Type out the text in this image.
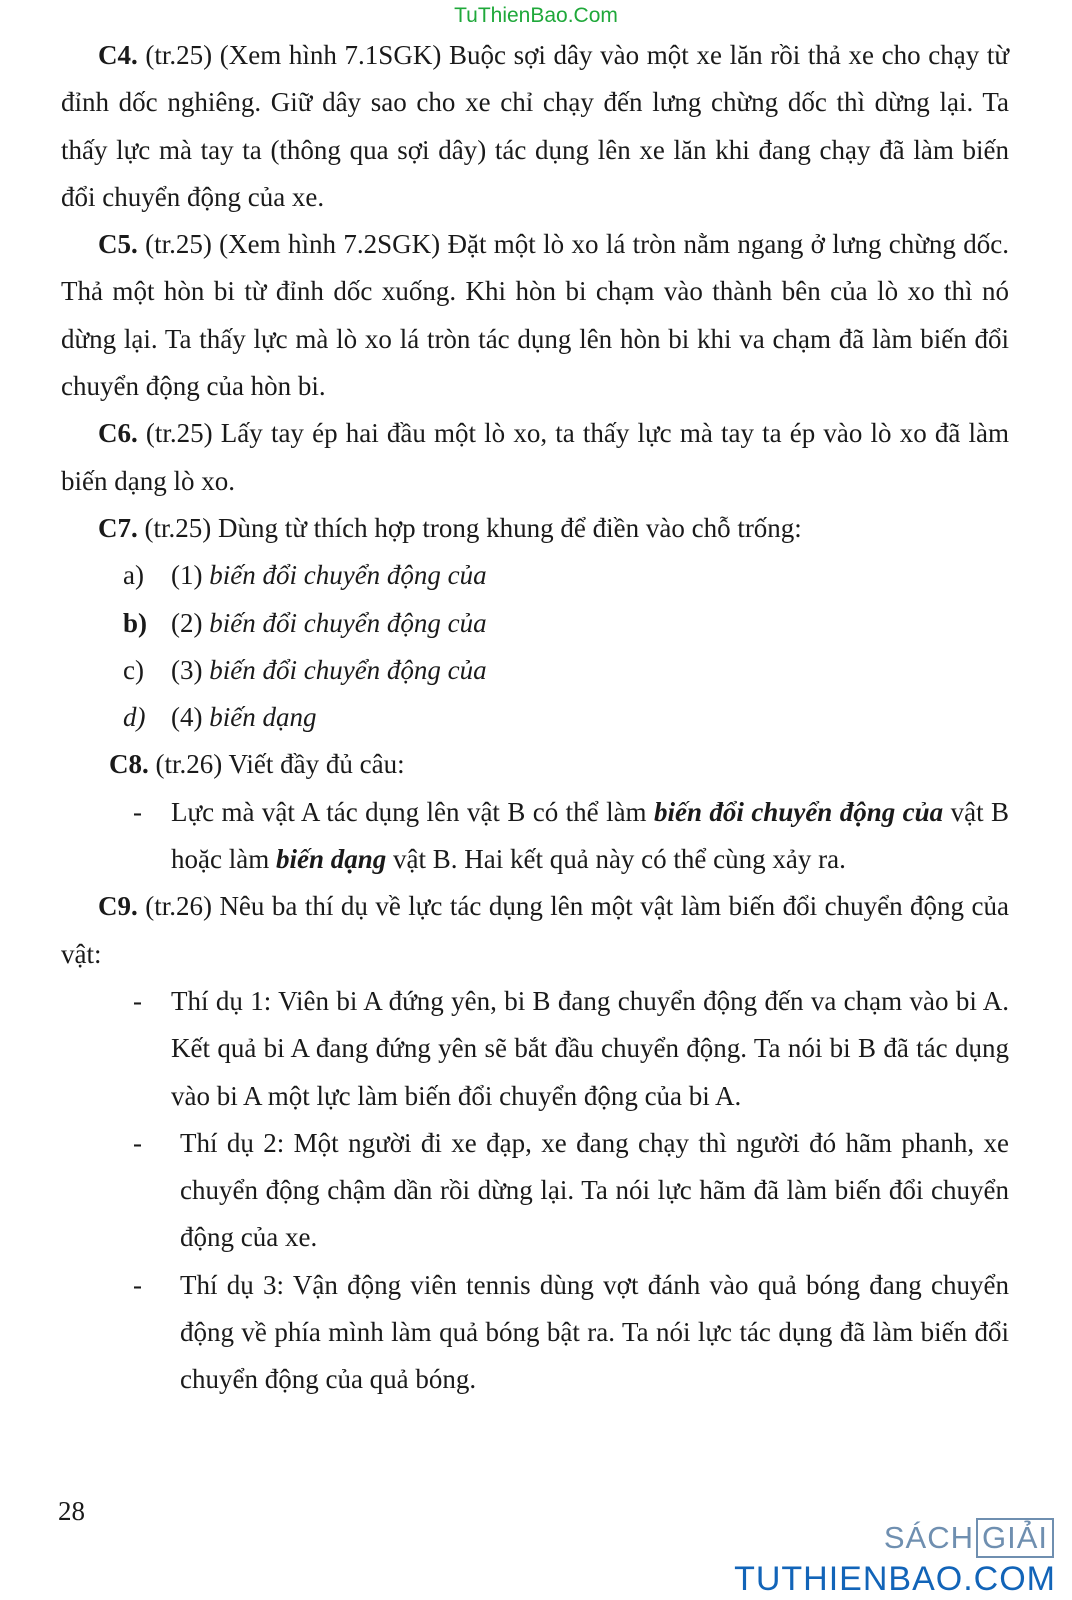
TuThienBao.Com

C4. (tr.25) (Xem hình 7.1SGK) Buộc sợi dây vào một xe lăn rồi thả xe cho chạy từ đỉnh dốc nghiêng. Giữ dây sao cho xe chỉ chạy đến lưng chừng dốc thì dừng lại. Ta thấy lực mà tay ta (thông qua sợi dây) tác dụng lên xe lăn khi đang chạy đã làm biến đổi chuyển động của xe.

C5. (tr.25) (Xem hình 7.2SGK) Đặt một lò xo lá tròn nằm ngang ở lưng chừng dốc. Thả một hòn bi từ đỉnh dốc xuống. Khi hòn bi chạm vào thành bên của lò xo thì nó dừng lại. Ta thấy lực mà lò xo lá tròn tác dụng lên hòn bi khi va chạm đã làm biến đổi chuyển động của hòn bi.

C6. (tr.25) Lấy tay ép hai đầu một lò xo, ta thấy lực mà tay ta ép vào lò xo đã làm biến dạng lò xo.

C7. (tr.25) Dùng từ thích hợp trong khung để điền vào chỗ trống:

a) (1) biến đổi chuyển động của
b) (2) biến đổi chuyển động của
c) (3) biến đổi chuyển động của
d) (4) biến dạng

C8. (tr.26) Viết đầy đủ câu:

- Lực mà vật A tác dụng lên vật B có thể làm biến đổi chuyển động của vật B hoặc làm biến dạng vật B. Hai kết quả này có thể cùng xảy ra.

C9. (tr.26) Nêu ba thí dụ về lực tác dụng lên một vật làm biến đổi chuyển động của vật:

- Thí dụ 1: Viên bi A đứng yên, bi B đang chuyển động đến va chạm vào bi A. Kết quả bi A đang đứng yên sẽ bắt đầu chuyển động. Ta nói bi B đã tác dụng vào bi A một lực làm biến đổi chuyển động của bi A.
- Thí dụ 2: Một người đi xe đạp, xe đang chạy thì người đó hãm phanh, xe chuyển động chậm dần rồi dừng lại. Ta nói lực hãm đã làm biến đổi chuyển động của xe.
- Thí dụ 3: Vận động viên tennis dùng vợt đánh vào quả bóng đang chuyển động về phía mình làm quả bóng bật ra. Ta nói lực tác dụng đã làm biến đổi chuyển động của quả bóng.
28
SÁCH GIẢI
TUTHIENBAO.COM
